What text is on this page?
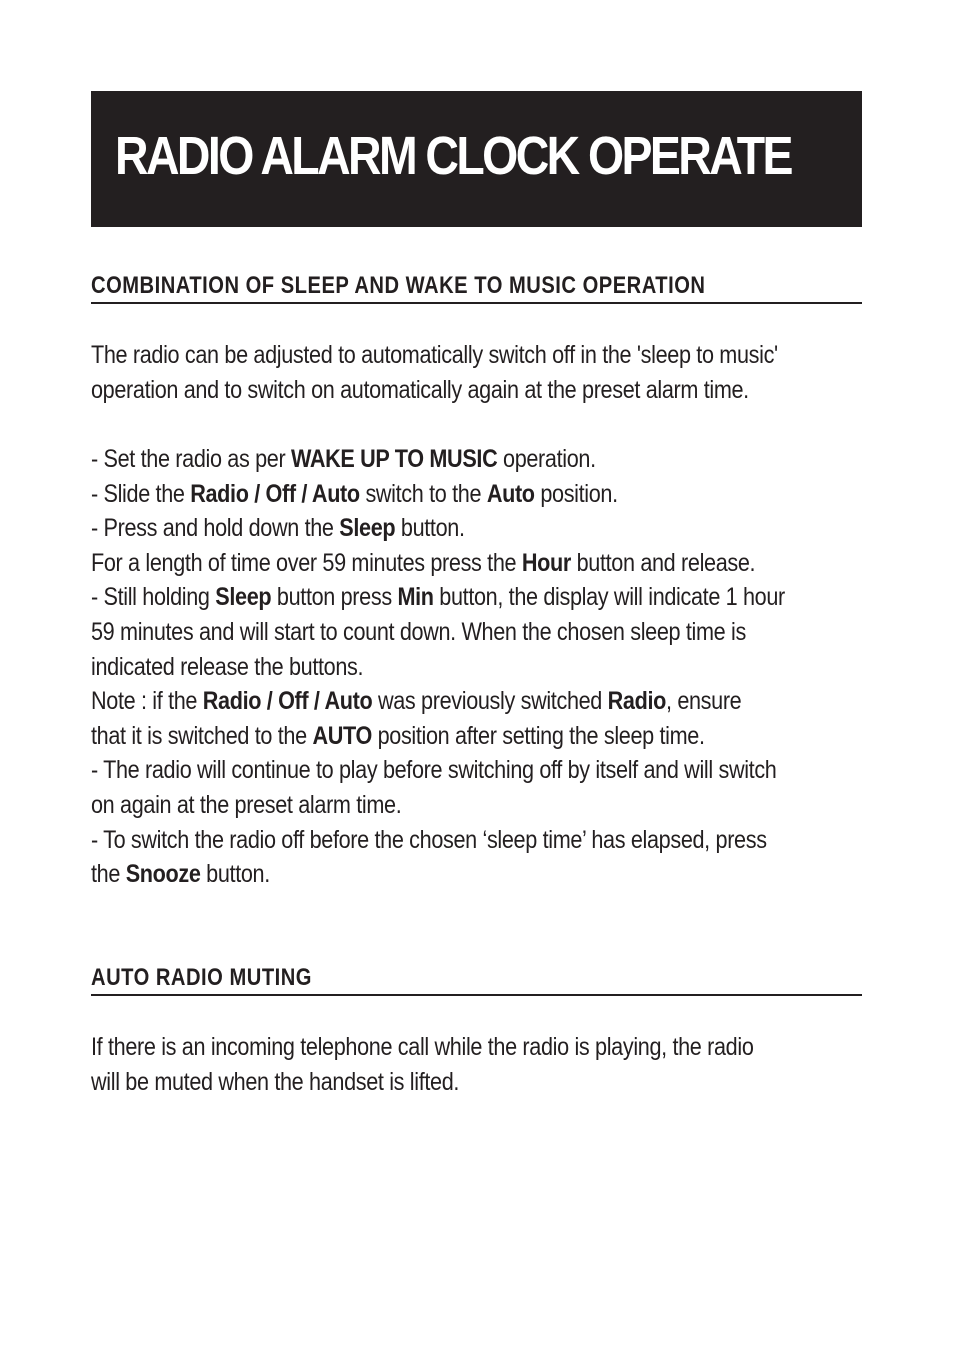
RADIO ALARM CLOCK OPERATE
COMBINATION OF SLEEP AND WAKE TO MUSIC OPERATION

The radio can be adjusted to automatically switch off in the 'sleep to music'

operation and to switch on automatically again at the preset alarm time.

- Set the radio as per WAKE UP TO MUSIC operation.

- Slide the Radio / Off / Auto switch to the Auto position.

- Press and hold down the Sleep button.

For a length of time over 59 minutes press the Hour button and release.

- Still holding Sleep button press Min button, the display will indicate 1 hour

59 minutes and will start to count down. When the chosen sleep time is

indicated release the buttons.

Note : if the Radio / Off / Auto was previously switched Radio, ensure

that it is switched to the AUTO position after setting the sleep time.

- The radio will continue to play before switching off by itself and will switch

on again at the preset alarm time.

- To switch the radio off before the chosen ‘sleep time’ has elapsed, press

the Snooze button.

AUTO RADIO MUTING

If there is an incoming telephone call while the radio is playing, the radio

will be muted when the handset is lifted.
